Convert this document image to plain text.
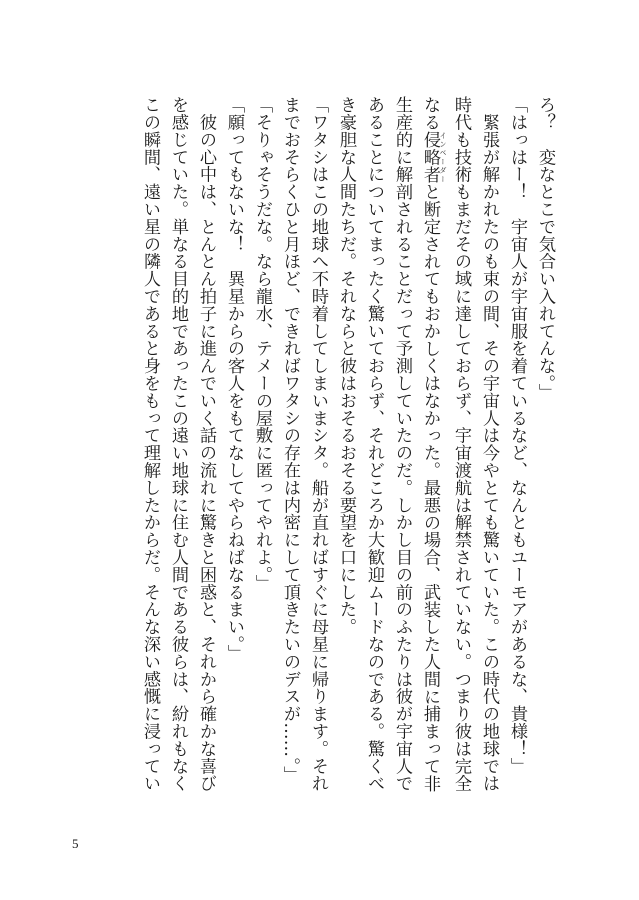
ろ？　変なとこで気合い入れてんな。」
「はっはー！　宇宙人が宇宙服を着ているなど、なんともユーモアがあるな、貴様！」
　緊張が解かれたのも束の間、その宇宙人は今やとても驚いていた。この時代の地球では
時代も技術もまだその域に達しておらず、宇宙渡航は解禁されていない。つまり彼は完全
なる侵略者 インベーダーと断定されてもおかしくはなかった。最悪の場合、武装した人間に捕まって非
生産的に解剖されることだって予測していたのだ。しかし目の前のふたりは彼が宇宙人で
あることについてまったく驚いておらず、それどころか大歓迎ムードなのである。驚くべ
き豪胆な人間たちだ。それならと彼はおそるおそる要望を口にした。
「ワタシはこの地球へ不時着してしまいまシタ。船が直ればすぐに母星に帰ります。それ
までおそらくひと月ほど、できればワタシの存在は内密にして頂きたいのデスが……。」
「そりゃそうだな。なら龍水、テメーの屋敷に匿ってやれよ。」
「願ってもないな！　異星からの客人をもてなしてやらねばなるまい。」
　彼の心中は、とんとん拍子に進んでいく話の流れに驚きと困惑と、それから確かな喜び
を感じていた。単なる目的地であったこの遠い地球に住む人間である彼らは、紛れもなく
この瞬間、遠い星の隣人であると身をもって理解したからだ。そんな深い感慨に浸ってい
5
